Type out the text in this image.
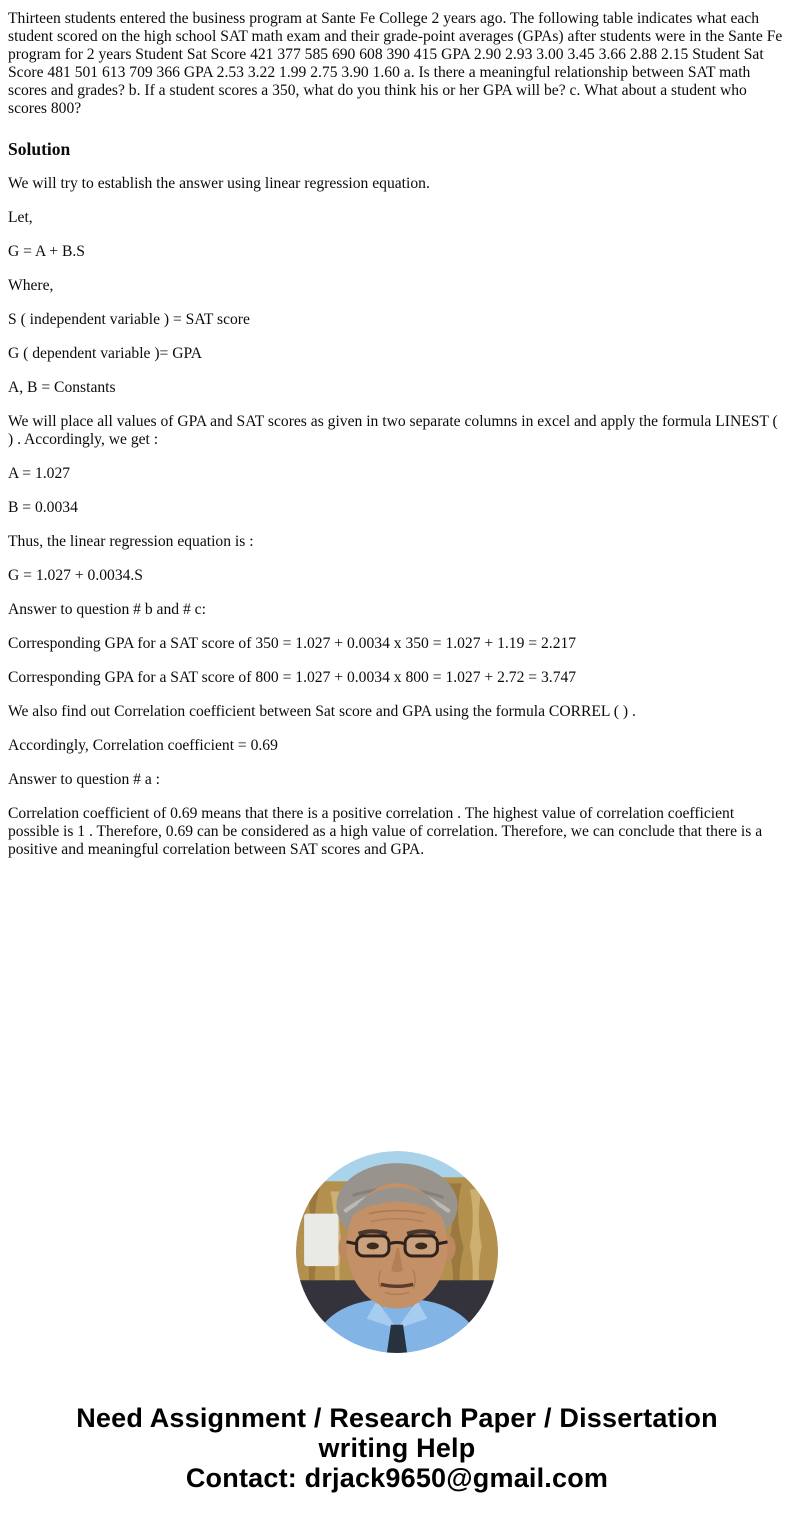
Thirteen students entered the business program at Sante Fe College 2 years ago. The following table indicates what each student scored on the high school SAT math exam and their grade-point averages (GPAs) after students were in the Sante Fe program for 2 years Student Sat Score 421 377 585 690 608 390 415 GPA 2.90 2.93 3.00 3.45 3.66 2.88 2.15 Student Sat Score 481 501 613 709 366 GPA 2.53 3.22 1.99 2.75 3.90 1.60 a. Is there a meaningful relationship between SAT math scores and grades? b. If a student scores a 350, what do you think his or her GPA will be? c. What about a student who scores 800?

Solution

We will try to establish the answer using linear regression equation.

Let,

G = A + B.S

Where,

S ( independent variable ) = SAT score

G ( dependent variable )= GPA

A, B = Constants

We will place all values of GPA and SAT scores as given in two separate columns in excel and apply the formula LINEST ( ) . Accordingly, we get :

A = 1.027

B = 0.0034

Thus, the linear regression equation is :

G = 1.027 + 0.0034.S

Answer to question # b and # c:

Corresponding GPA for a SAT score of 350 = 1.027 + 0.0034 x 350 = 1.027 + 1.19 = 2.217

Corresponding GPA for a SAT score of 800 = 1.027 + 0.0034 x 800 = 1.027 + 2.72 = 3.747

We also find out Correlation coefficient between Sat score and GPA using the formula CORREL ( ) .

Accordingly, Correlation coefficient = 0.69

Answer to question # a :

Correlation coefficient of 0.69 means that there is a positive correlation . The highest value of correlation coefficient possible is 1 . Therefore, 0.69 can be considered as a high value of correlation. Therefore, we can conclude that there is a positive and meaningful correlation between SAT scores and GPA.

Need Assignment / Research Paper / Dissertation
writing Help
Contact: drjack9650@gmail.com
